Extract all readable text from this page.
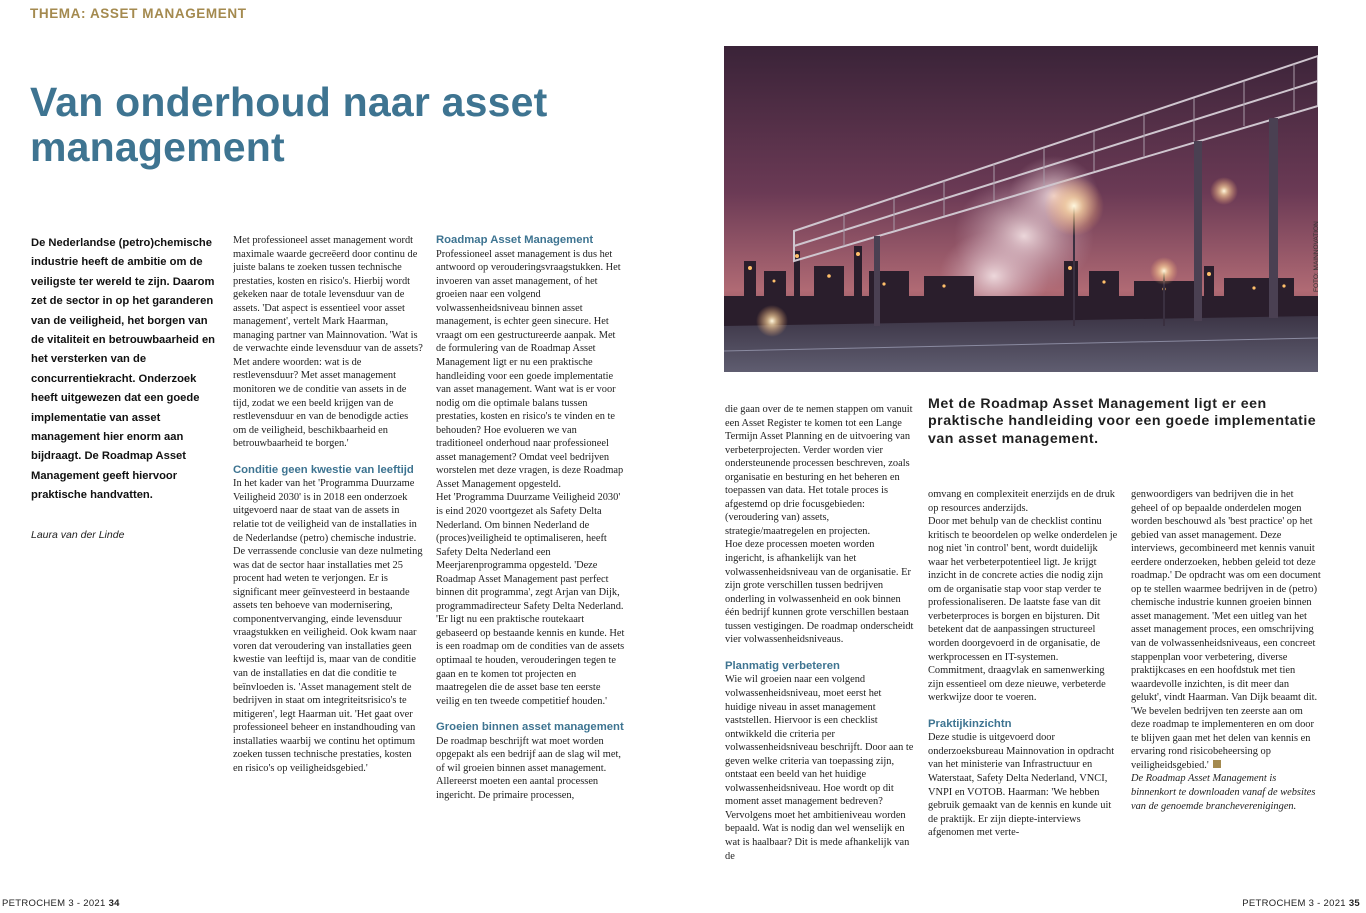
THEMA: ASSET MANAGEMENT
Van onderhoud naar asset management
De Nederlandse (petro)chemische industrie heeft de ambitie om de veiligste ter wereld te zijn. Daarom zet de sector in op het garanderen van de veiligheid, het borgen van de vitaliteit en betrouwbaarheid en het versterken van de concurrentiekracht. Onderzoek heeft uitgewezen dat een goede implementatie van asset management hier enorm aan bijdraagt. De Roadmap Asset Management geeft hiervoor praktische handvatten.
Laura van der Linde

Met professioneel asset management wordt maximale waarde gecreëerd door continu de juiste balans te zoeken tussen technische prestaties, kosten en risico's. Hierbij wordt gekeken naar de totale levensduur van de assets. 'Dat aspect is essentieel voor asset management', vertelt Mark Haarman, managing partner van Mainnovation. 'Wat is de verwachte einde levensduur van de assets? Met andere woorden: wat is de restlevensduur? Met asset management monitoren we de conditie van assets in de tijd, zodat we een beeld krijgen van de restlevensduur en van de benodigde acties om de veiligheid, beschikbaarheid en betrouwbaarheid te borgen.'

Conditie geen kwestie van leeftijd

In het kader van het 'Programma Duurzame Veiligheid 2030' is in 2018 een onderzoek uitgevoerd naar de staat van de assets in relatie tot de veiligheid van de installaties in de Nederlandse (petro) chemische industrie. De verrassende conclusie van deze nulmeting was dat de sector haar installaties met 25 procent had weten te verjongen. Er is significant meer geïnvesteerd in bestaande assets ten behoeve van modernisering, componentvervanging, einde levensduur vraagstukken en veiligheid. Ook kwam naar voren dat veroudering van installaties geen kwestie van leeftijd is, maar van de conditie van de installaties en dat die conditie te beïnvloeden is. 'Asset management stelt de bedrijven in staat om integriteitsrisico's te mitigeren', legt Haarman uit. 'Het gaat over professioneel beheer en instandhouding van installaties waarbij we continu het optimum zoeken tussen technische prestaties, kosten en risico's op veiligheidsgebied.'

Roadmap Asset Management

Professioneel asset management is dus het antwoord op verouderingsvraagstukken. Het invoeren van asset management, of het groeien naar een volgend volwassenheidsniveau binnen asset management, is echter geen sinecure. Het vraagt om een gestructureerde aanpak. Met de formulering van de Roadmap Asset Management ligt er nu een praktische handleiding voor een goede implementatie van asset management. Want wat is er voor nodig om die optimale balans tussen prestaties, kosten en risico's te vinden en te behouden? Hoe evolueren we van traditioneel onderhoud naar professioneel asset management? Omdat veel bedrijven worstelen met deze vragen, is deze Roadmap Asset Management opgesteld.

Het 'Programma Duurzame Veiligheid 2030' is eind 2020 voortgezet als Safety Delta Nederland. Om binnen Nederland de (proces)veiligheid te optimaliseren, heeft Safety Delta Nederland een Meerjarenprogramma opgesteld. 'Deze Roadmap Asset Management past perfect binnen dit programma', zegt Arjan van Dijk, programmadirecteur Safety Delta Nederland. 'Er ligt nu een praktische routekaart gebaseerd op bestaande kennis en kunde. Het is een roadmap om de condities van de assets optimaal te houden, verouderingen tegen te gaan en te komen tot projecten en maatregelen die de asset base ten eerste veilig en ten tweede competitief houden.'

Groeien binnen asset management

De roadmap beschrijft wat moet worden opgepakt als een bedrijf aan de slag wil met, of wil groeien binnen asset management. Allereerst moeten een aantal processen ingericht. De primaire processen,

PETROCHEM 3 - 2021 34
FOTO: MAINNOVATION
Met de Roadmap Asset Management ligt er een praktische handleiding voor een goede implementatie van asset management.

die gaan over de te nemen stappen om vanuit een Asset Register te komen tot een Lange Termijn Asset Planning en de uitvoering van verbeterprojecten. Verder worden vier ondersteunende processen beschreven, zoals organisatie en besturing en het beheren en toepassen van data. Het totale proces is afgestemd op drie focusgebieden: (veroudering van) assets, strategie/maatregelen en projecten.

Hoe deze processen moeten worden ingericht, is afhankelijk van het volwassenheidsniveau van de organisatie. Er zijn grote verschillen tussen bedrijven onderling in volwassenheid en ook binnen één bedrijf kunnen grote verschillen bestaan tussen vestigingen. De roadmap onderscheidt vier volwassenheidsniveaus.

Planmatig verbeteren

Wie wil groeien naar een volgend volwassenheidsniveau, moet eerst het huidige niveau in asset management vaststellen. Hiervoor is een checklist ontwikkeld die criteria per volwassenheidsniveau beschrijft. Door aan te geven welke criteria van toepassing zijn, ontstaat een beeld van het huidige volwassenheidsniveau. Hoe wordt op dit moment asset management bedreven? Vervolgens moet het ambitieniveau worden bepaald. Wat is nodig dan wel wenselijk en wat is haalbaar? Dit is mede afhankelijk van de

omvang en complexiteit enerzijds en de druk op resources anderzijds.

Door met behulp van de checklist continu kritisch te beoordelen op welke onderdelen je nog niet 'in control' bent, wordt duidelijk waar het verbeterpotentieel ligt. Je krijgt inzicht in de concrete acties die nodig zijn om de organisatie stap voor stap verder te professionaliseren. De laatste fase van dit verbeterproces is borgen en bijsturen. Dit betekent dat de aanpassingen structureel worden doorgevoerd in de organisatie, de werkprocessen en IT-systemen. Commitment, draagvlak en samenwerking zijn essentieel om deze nieuwe, verbeterde werkwijze door te voeren.

Praktijkinzichtn

Deze studie is uitgevoerd door onderzoeksbureau Mainnovation in opdracht van het ministerie van Infrastructuur en Waterstaat, Safety Delta Nederland, VNCI, VNPI en VOTOB. Haarman: 'We hebben gebruik gemaakt van de kennis en kunde uit de praktijk. Er zijn diepte-interviews afgenomen met verte-

genwoordigers van bedrijven die in het geheel of op bepaalde onderdelen mogen worden beschouwd als 'best practice' op het gebied van asset management. Deze interviews, gecombineerd met kennis vanuit eerdere onderzoeken, hebben geleid tot deze roadmap.' De opdracht was om een document op te stellen waarmee bedrijven in de (petro) chemische industrie kunnen groeien binnen asset management. 'Met een uitleg van het asset management proces, een omschrijving van de volwassenheidsniveaus, een concreet stappenplan voor verbetering, diverse praktijkcases en een hoofdstuk met tien waardevolle inzichten, is dit meer dan gelukt', vindt Haarman. Van Dijk beaamt dit. 'We bevelen bedrijven ten zeerste aan om deze roadmap te implementeren en om door te blijven gaan met het delen van kennis en ervaring rond risicobeheersing op veiligheidsgebied.'

De Roadmap Asset Management is binnenkort te downloaden vanaf de websites van de genoemde brancheverenigingen.

PETROCHEM 3 - 2021 35
